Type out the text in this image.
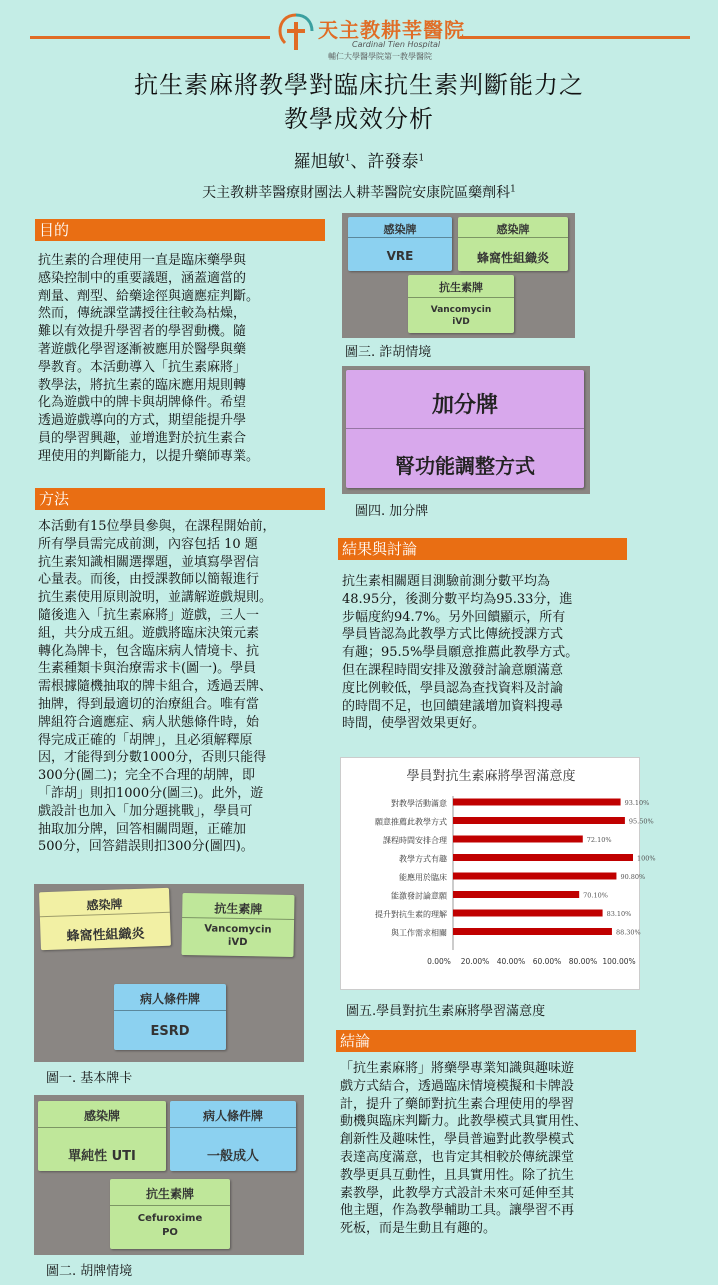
天主教耕莘醫院
Cardinal Tien Hospital
輔仁大學醫學院第一教學醫院
抗生素麻將教學對臨床抗生素判斷能力之
教學成效分析
羅旭敏$^1$、許發泰$^1$
天主教耕莘醫療財團法人耕莘醫院安康院區藥劑科$^1$
目的
抗生素的合理使用一直是臨床藥學與
感染控制中的重要議題，涵蓋適當的
劑量、劑型、給藥途徑與適應症判斷。
然而，傳統課堂講授往往較為枯燥，
難以有效提升學習者的學習動機。隨
著遊戲化學習逐漸被應用於醫學與藥
學教育。本活動導入「抗生素麻將」
教學法，將抗生素的臨床應用規則轉
化為遊戲中的牌卡與胡牌條件。希望
透過遊戲導向的方式，期望能提升學
員的學習興趣，並增進對於抗生素合
理使用的判斷能力，以提升藥師專業。
方法
本活動有15位學員參與，在課程開始前，
所有學員需完成前測，內容包括 10 題
抗生素知識相關選擇題，並填寫學習信
心量表。而後，由授課教師以簡報進行
抗生素使用原則說明，並講解遊戲規則。
隨後進入「抗生素麻將」遊戲，三人一
組，共分成五組。遊戲將臨床決策元素
轉化為牌卡，包含臨床病人情境卡、抗
生素種類卡與治療需求卡(圖一)。學員
需根據隨機抽取的牌卡組合，透過丟牌、
抽牌，得到最適切的治療組合。唯有當
牌組符合適應症、病人狀態條件時，始
得完成正確的「胡牌」，且必須解釋原
因，才能得到分數1000分，否則只能得
300分(圖二)；完全不合理的胡牌，即
「詐胡」則扣1000分(圖三)。此外，遊
戲設計也加入「加分題挑戰」，學員可
抽取加分牌，回答相關問題，正確加
500分，回答錯誤則扣300分(圖四)。
感染牌
蜂窩性組織炎
抗生素牌
Vancomycin
iVD
病人條件牌
ESRD
圖一. 基本牌卡
感染牌
單純性 UTI
病人條件牌
一般成人
抗生素牌
Cefuroxime
PO
圖二. 胡牌情境
感染牌
VRE
感染牌
蜂窩性組織炎
抗生素牌
Vancomycin
iVD
圖三. 詐胡情境
加分牌
腎功能調整方式
圖四. 加分牌
結果與討論
抗生素相關題目測驗前測分數平均為
48.95分，後測分數平均為95.33分，進
步幅度約94.7%。另外回饋顯示，所有
學員皆認為此教學方式比傳統授課方式
有趣；95.5%學員願意推薦此教學方式。
但在課程時間安排及激發討論意願滿意
度比例較低，學員認為查找資料及討論
的時間不足，也回饋建議增加資料搜尋
時間，使學習效果更好。
學員對抗生素麻將學習滿意度
對教學活動滿意	93.10%
願意推薦此教學方式	95.50%
課程時間安排合理	72.10%
教學方式有趣	100%
能應用於臨床	90.80%
能激發討論意願	70.10%
提升對抗生素的理解	83.10%
與工作需求相關	88.30%
0.00% 20.00% 40.00% 60.00% 80.00% 100.00%
圖五.學員對抗生素麻將學習滿意度
結論
「抗生素麻將」將藥學專業知識與趣味遊
戲方式結合，透過臨床情境模擬和卡牌設
計，提升了藥師對抗生素合理使用的學習
動機與臨床判斷力。此教學模式具實用性、
創新性及趣味性，學員普遍對此教學模式
表達高度滿意，也肯定其相較於傳統課堂
教學更具互動性，且具實用性。除了抗生
素教學，此教學方式設計未來可延伸至其
他主題，作為教學輔助工具。讓學習不再
死板，而是生動且有趣的。
